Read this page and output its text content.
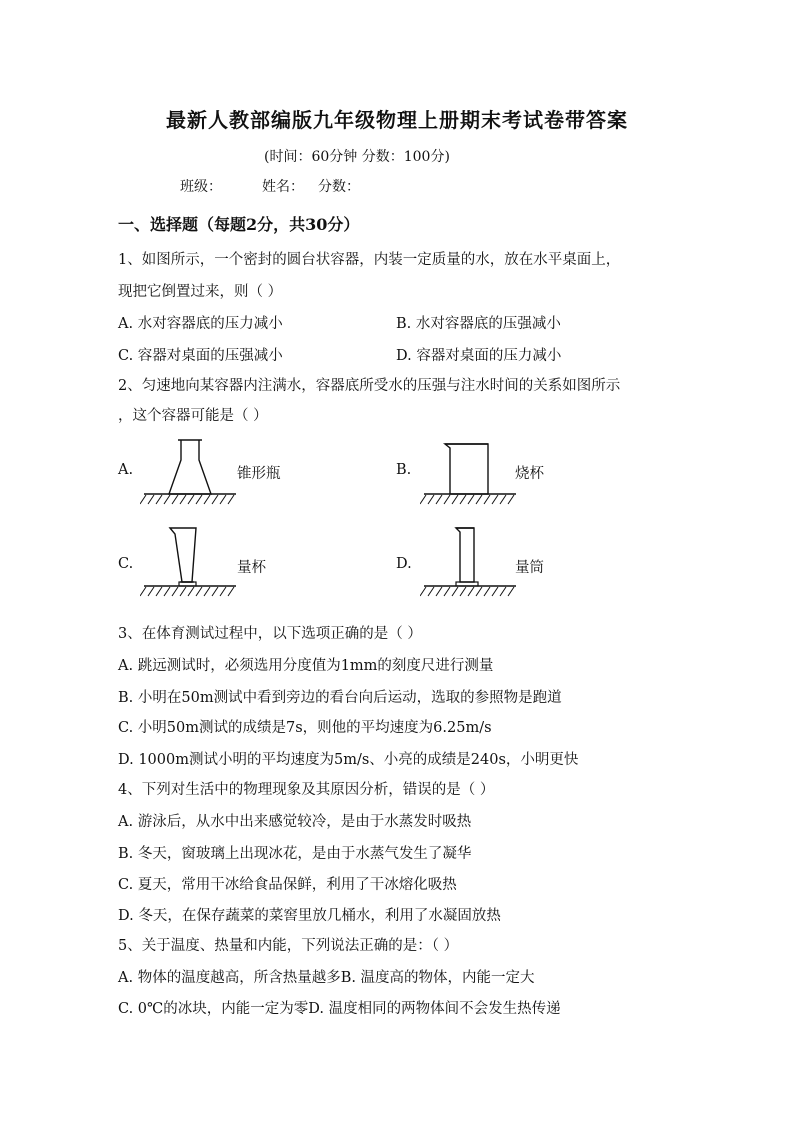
最新人教部编版九年级物理上册期末考试卷带答案
(时间：60分钟 分数：100分)
班级：	姓名： 分数：
一、选择题（每题2分，共30分）
1、如图所示，一个密封的圆台状容器，内装一定质量的水，放在水平桌面上，
现把它倒置过来，则（ ）
A. 水对容器底的压力减小	B. 水对容器底的压强减小
C. 容器对桌面的压强减小	D. 容器对桌面的压力减小
2、匀速地向某容器内注满水，容器底所受水的压强与注水时间的关系如图所示
，这个容器可能是（ ）
A.	锥形瓶	B.	烧杯
C.	量杯	D.	量筒
3、在体育测试过程中，以下选项正确的是（ ）
A. 跳远测试时，必须选用分度值为1mm的刻度尺进行测量
B. 小明在50m测试中看到旁边的看台向后运动，选取的参照物是跑道
C. 小明50m测试的成绩是7s，则他的平均速度为6.25m/s
D. 1000m测试小明的平均速度为5m/s、小亮的成绩是240s，小明更快
4、下列对生活中的物理现象及其原因分析，错误的是（ ）
A. 游泳后，从水中出来感觉较冷，是由于水蒸发时吸热
B. 冬天，窗玻璃上出现冰花，是由于水蒸气发生了凝华
C. 夏天，常用干冰给食品保鲜，利用了干冰熔化吸热
D. 冬天，在保存蔬菜的菜窖里放几桶水，利用了水凝固放热
5、关于温度、热量和内能，下列说法正确的是：（ ）
A. 物体的温度越高，所含热量越多B. 温度高的物体，内能一定大
C. 0℃的冰块，内能一定为零D. 温度相同的两物体间不会发生热传递
